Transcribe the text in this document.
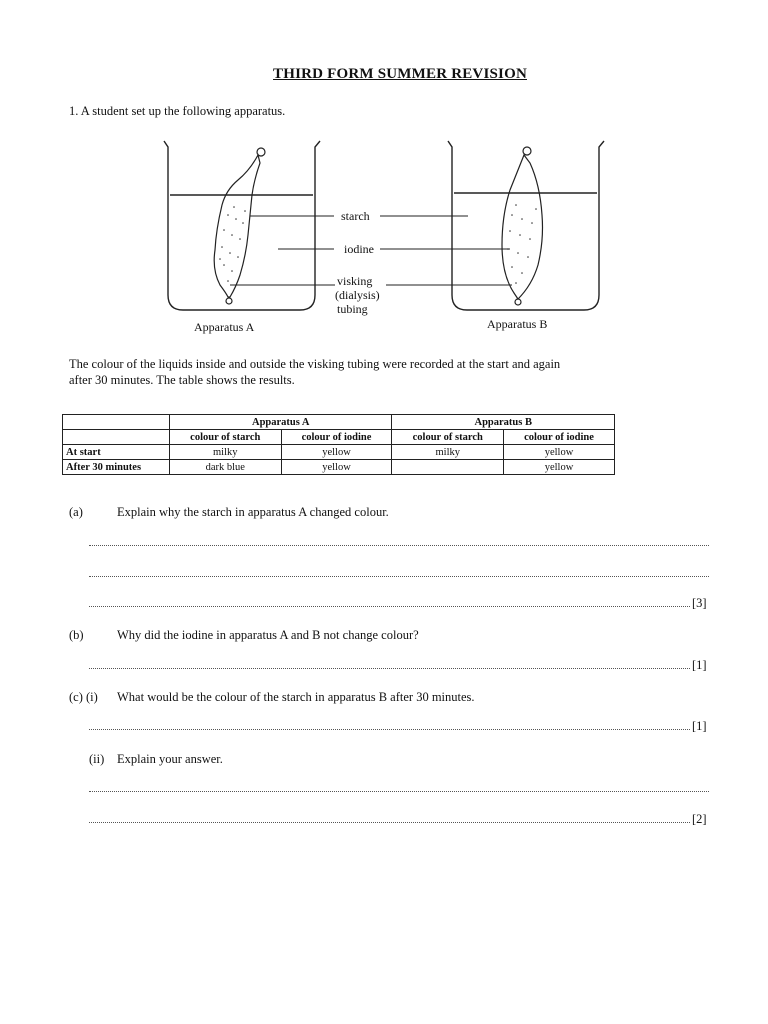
THIRD FORM SUMMER REVISION
1. A student set up the following apparatus.
starch
iodine
visking
(dialysis)
tubing
Apparatus A	Apparatus B
The colour of the liquids inside and outside the visking tubing were recorded at the start and again
after 30 minutes. The table shows the results.
	Apparatus A		Apparatus B	
	colour of starch	colour of iodine	colour of starch	colour of iodine
At start	milky	yellow	milky	yellow
After 30 minutes	dark blue	yellow		yellow
(a)	Explain why the starch in apparatus A changed colour.
[3]
(b)	Why did the iodine in apparatus A and B not change colour?
[1]
(c) (i) What would be the colour of the starch in apparatus B after 30 minutes.
[1]
(ii) Explain your answer.
[2]
